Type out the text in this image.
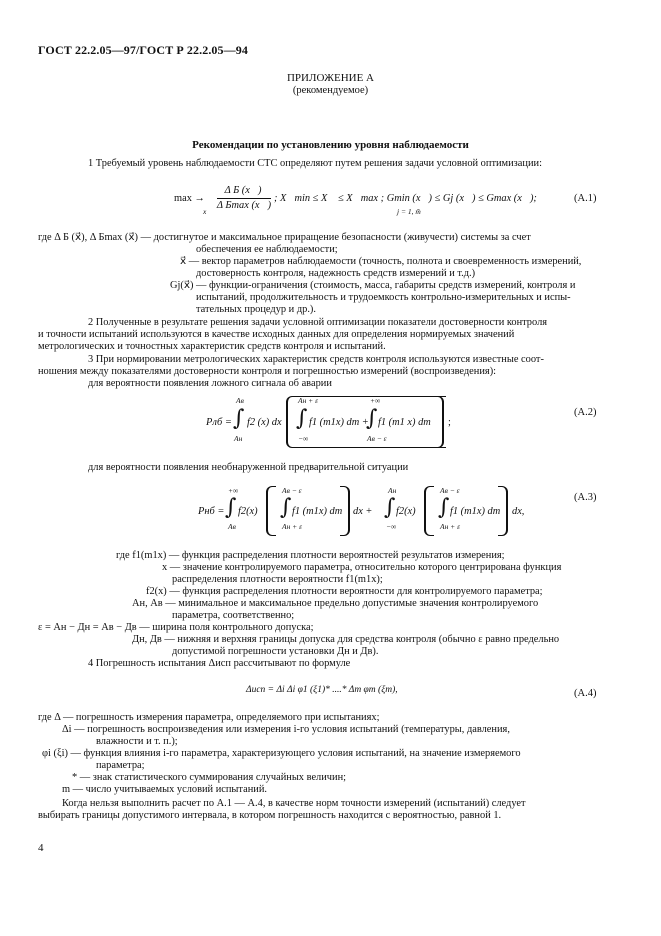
ГОСТ 22.2.05—97/ГОСТ Р 22.2.05—94
ПРИЛОЖЕНИЕ А
(рекомендуемое)
Рекомендации по установлению уровня наблюдаемости
1 Требуемый уровень наблюдаемости СТС определяют путем решения задачи условной оптимизации:
max →
x
Δ Б (x⃗)
Δ Бmax (x⃗)
; X⃗min ≤ X⃗ ≤ X⃗max ; Gmin (x⃗) ≤ Gj (x⃗) ≤ Gmax (x⃗);
j = 1, m̄
(А.1)
где Δ Б (x⃗), Δ Бmax (x⃗) — достигнутое и максимальное приращение безопасности (живучести) системы за счет
обеспечения ее наблюдаемости;
x⃗ — вектор параметров наблюдаемости (точность, полнота и своевременность измерений,
достоверность контроля, надежность средств измерений и т.д.)
Gj(x⃗) — функции-ограничения (стоимость, масса, габариты средств измерений, контроля и
испытаний, продолжительность и трудоемкость контрольно-измерительных и испы-
тательных процедур и др.).
2 Полученные в результате решения задачи условной оптимизации показатели достоверности контроля
и точности испытаний используются в качестве исходных данных для определения нормируемых значений
метрологических и точностных характеристик средств контроля и испытаний.
3 При нормировании метрологических характеристик средств контроля используются известные соот-
ношения между показателями достоверности контроля и погрешностью измерений (воспроизведения):
для вероятности появления ложного сигнала об аварии
Pлб =
Aв
∫
Aн
f2 (x) dx
Aн + ε
∫
−∞
f1 (m1x) dm +
+∞
∫
Aв − ε
f1 (m1 x) dm ;
(А.2)
для вероятности появления необнаруженной предварительной ситуации
Pнб =
+∞
∫
Aв
f2(x)
Aв − ε
∫
Aн + ε
f1 (m1x) dm dx +
Aн
∫
−∞
f2(x)
Aв − ε
∫
Aн + ε
f1 (m1x) dm dx,
(А.3)
где f1(m1x) — функция распределения плотности вероятностей результатов измерения;
x — значение контролируемого параметра, относительно которого центрирована функция
распределения плотности вероятности f1(m1x);
f2(x) — функция распределения плотности вероятности для контролируемого параметра;
Aн, Aв — минимальное и максимальное предельно допустимые значения контролируемого
параметра, соответственно;
ε = Aн − Дн = Ав − Дв — ширина поля контрольного допуска;
Дн, Дв — нижняя и верхняя границы допуска для средства контроля (обычно ε равно предельно
допустимой погрешности установки Дн и Дв).
4 Погрешность испытания Δисп рассчитывают по формуле
Δисп = Δi Δi φ1 (ξ1)* ....* Δm φm (ξm),	(А.4)
где Δ — погрешность измерения параметра, определяемого при испытаниях;
Δi — погрешность воспроизведения или измерения i-го условия испытаний (температуры, давления,
влажности и т. п.);
φi (ξi) — функция влияния i-го параметра, характеризующего условия испытаний, на значение измеряемого
параметра;
* — знак статистического суммирования случайных величин;
m — число учитываемых условий испытаний.
Когда нельзя выполнить расчет по А.1 — А.4, в качестве норм точности измерений (испытаний) следует
выбирать границы допустимого интервала, в котором погрешность находится с вероятностью, равной 1.
4
